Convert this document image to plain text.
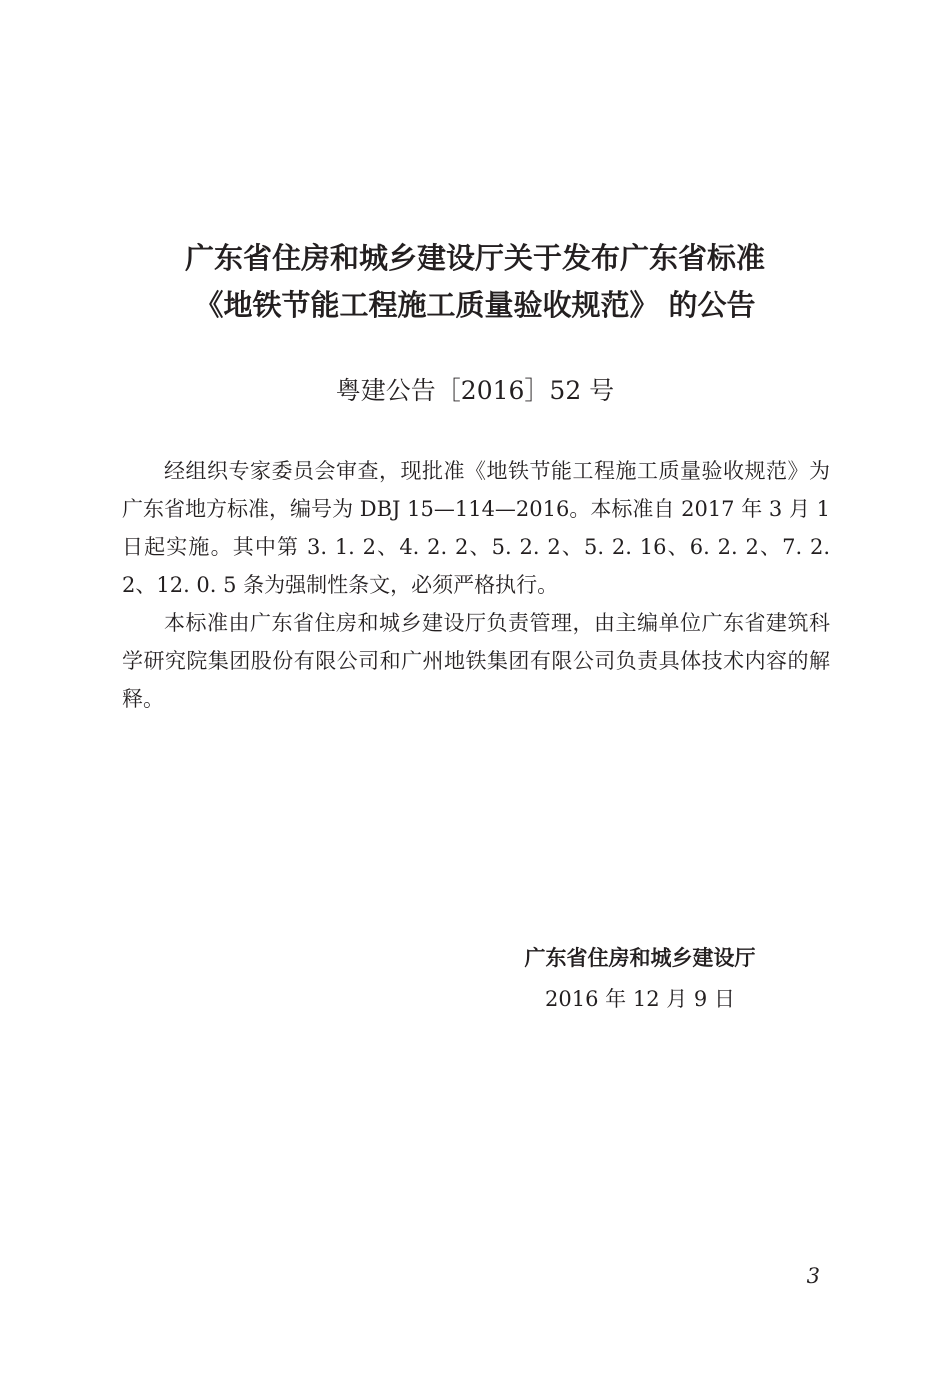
广东省住房和城乡建设厅关于发布广东省标准
《地铁节能工程施工质量验收规范》 的公告
粤建公告［2016］52 号

经组织专家委员会审查，现批准《地铁节能工程施工质量验收规范》为广东省地方标准，编号为 DBJ 15—114—2016。本标准自 2017 年 3 月 1 日起实施。其中第 3. 1. 2、4. 2. 2、5. 2. 2、5. 2. 16、6. 2. 2、7. 2. 2、12. 0. 5 条为强制性条文，必须严格执行。

本标准由广东省住房和城乡建设厅负责管理，由主编单位广东省建筑科学研究院集团股份有限公司和广州地铁集团有限公司负责具体技术内容的解释。

广东省住房和城乡建设厅
2016 年 12 月 9 日
3
